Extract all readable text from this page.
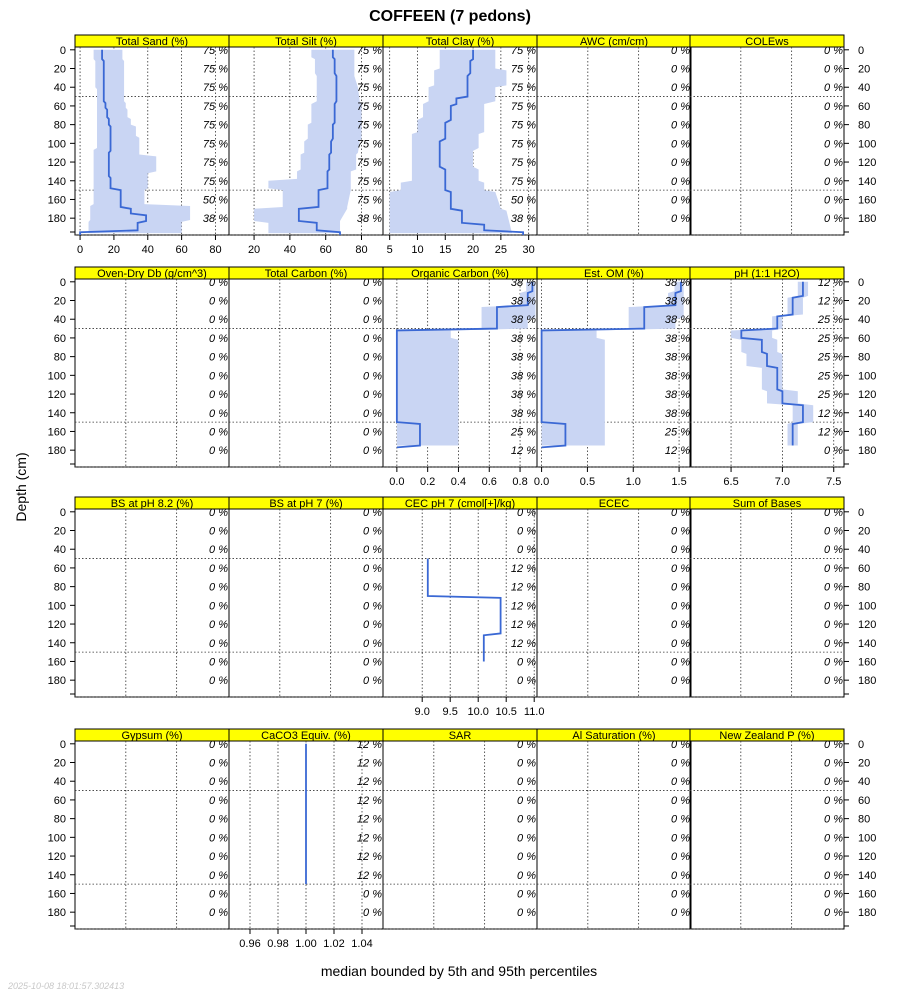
COFFEEN (7 pedons)
Depth (cm)
median bounded by 5th and 95th percentiles
2025-10-08 18:01:57.302413
Total Sand (%)
75 %
75 %
75 %
75 %
75 %
75 %
75 %
75 %
50 %
38 %
0 20 40 60 80
Total Silt (%)
75 %
75 %
75 %
75 %
75 %
75 %
75 %
75 %
75 %
38 %
20 40 60 80
Total Clay (%)
75 %
75 %
75 %
75 %
75 %
75 %
75 %
75 %
50 %
38 %
5 10 15 20 25 30
AWC (cm/cm)
0 %
0 %
0 %
0 %
0 %
0 %
0 %
0 %
0 %
0 %
COLEws
0 %
0 %
0 %
0 %
0 %
0 %
0 %
0 %
0 %
0 %
0	0
20	20
40	40
60	60
80	80
100	100
120	120
140	140
160	160
180	180
Oven-Dry Db (g/cm^3)
0 %
0 %
0 %
0 %
0 %
0 %
0 %
0 %
0 %
0 %
Total Carbon (%)
0 %
0 %
0 %
0 %
0 %
0 %
0 %
0 %
0 %
0 %
Organic Carbon (%)
38 %
38 %
38 %
38 %
38 %
38 %
38 %
38 %
25 %
12 %
0.0 0.2 0.4 0.6 0.8
Est. OM (%)
38 %
38 %
38 %
38 %
38 %
38 %
38 %
38 %
25 %
12 %
0.0	0.5	1.0	1.5
pH (1:1 H2O)
12 %
12 %
25 %
25 %
25 %
25 %
25 %
12 %
12 %
0 %
6.5	7.0	7.5
0	0
20	20
40	40
60	60
80	80
100	100
120	120
140	140
160	160
180	180
BS at pH 8.2 (%)
0 %
0 %
0 %
0 %
0 %
0 %
0 %
0 %
0 %
0 %
BS at pH 7 (%)
0 %
0 %
0 %
0 %
0 %
0 %
0 %
0 %
0 %
0 %
CEC pH 7 (cmol[+]/kg)
0 %
0 %
0 %
12 %
12 %
12 %
12 %
12 %
0 %
0 %
9.0 9.5 10.0 10.5 11.0
ECEC
0 %
0 %
0 %
0 %
0 %
0 %
0 %
0 %
0 %
0 %
Sum of Bases
0 %
0 %
0 %
0 %
0 %
0 %
0 %
0 %
0 %
0 %
0	0
20	20
40	40
60	60
80	80
100	100
120	120
140	140
160	160
180	180
Gypsum (%)
0 %
0 %
0 %
0 %
0 %
0 %
0 %
0 %
0 %
0 %
CaCO3 Equiv. (%)
12 %
12 %
12 %
12 %
12 %
12 %
12 %
12 %
0 %
0 %
0.96 0.98 1.00 1.02 1.04
SAR
0 %
0 %
0 %
0 %
0 %
0 %
0 %
0 %
0 %
0 %
Al Saturation (%)
0 %
0 %
0 %
0 %
0 %
0 %
0 %
0 %
0 %
0 %
New Zealand P (%)
0 %
0 %
0 %
0 %
0 %
0 %
0 %
0 %
0 %
0 %
0	0
20	20
40	40
60	60
80	80
100	100
120	120
140	140
160	160
180	180
